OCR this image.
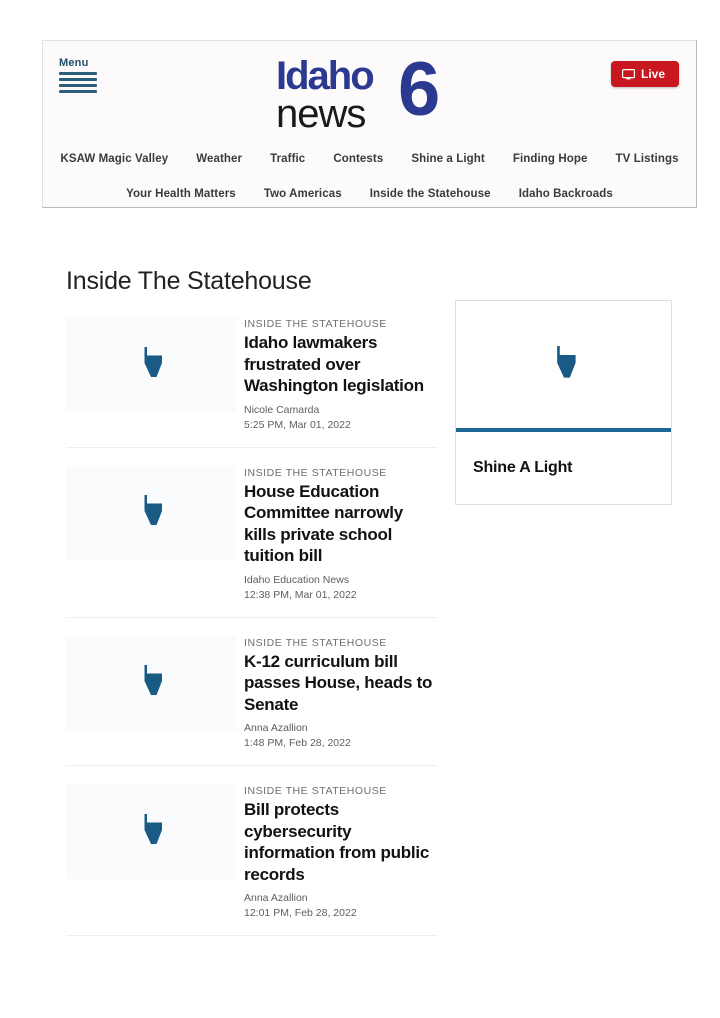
Menu	6
Idaho
news
Live
KSAW Magic Valley Weather Traffic Contests Shine a Light Finding Hope TV Listings
Your Health Matters Two Americas Inside the Statehouse Idaho Backroads
Inside The Statehouse
INSIDE THE STATEHOUSE
Idaho lawmakers frustrated over Washington legislation
Nicole Camarda
5:25 PM, Mar 01, 2022
INSIDE THE STATEHOUSE
House Education Committee narrowly kills private school tuition bill
Idaho Education News
12:38 PM, Mar 01, 2022
INSIDE THE STATEHOUSE
K-12 curriculum bill passes House, heads to Senate
Anna Azallion
1:48 PM, Feb 28, 2022
INSIDE THE STATEHOUSE
Bill protects cybersecurity information from public records
Anna Azallion
12:01 PM, Feb 28, 2022
Shine A Light
